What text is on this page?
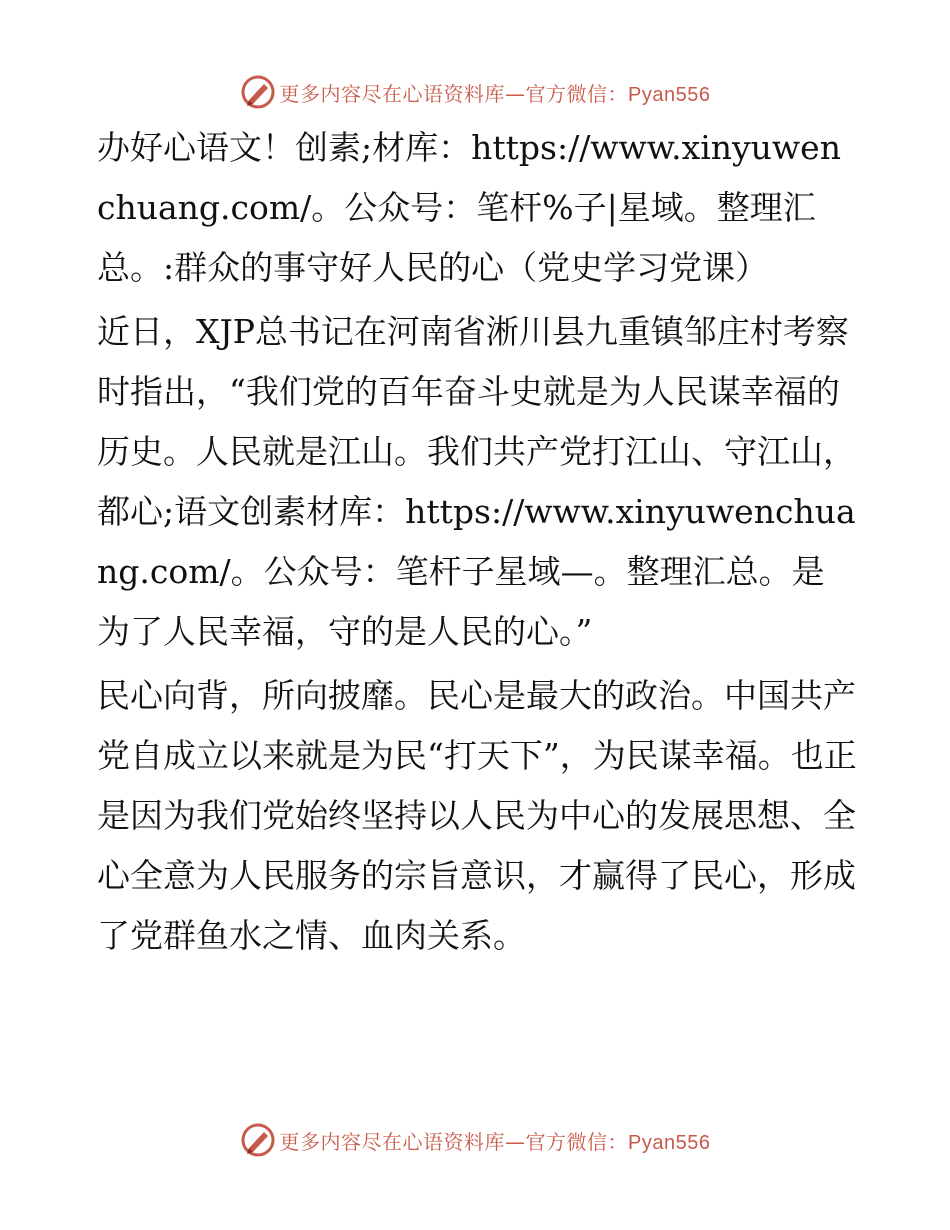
更多内容尽在心语资料库—官方微信：Pyan556

办好心语文！创素;材库：https://www.xinyuwenchuang.com/。公众号：笔杆%子|星域。整理汇总。:群众的事守好人民的心（党史学习党课）

近日，XJP总书记在河南省淅川县九重镇邹庄村考察时指出，“我们党的百年奋斗史就是为人民谋幸福的历史。人民就是江山。我们共产党打江山、守江山，都心;语文创素材库：https://www.xinyuwenchuang.com/。公众号：笔杆子星域—。整理汇总。是为了人民幸福，守的是人民的心。”

民心向背，所向披靡。民心是最大的政治。中国共产党自成立以来就是为民“打天下”，为民谋幸福。也正是因为我们党始终坚持以人民为中心的发展思想、全心全意为人民服务的宗旨意识，才赢得了民心，形成了党群鱼水之情、血肉关系。

更多内容尽在心语资料库—官方微信：Pyan556
